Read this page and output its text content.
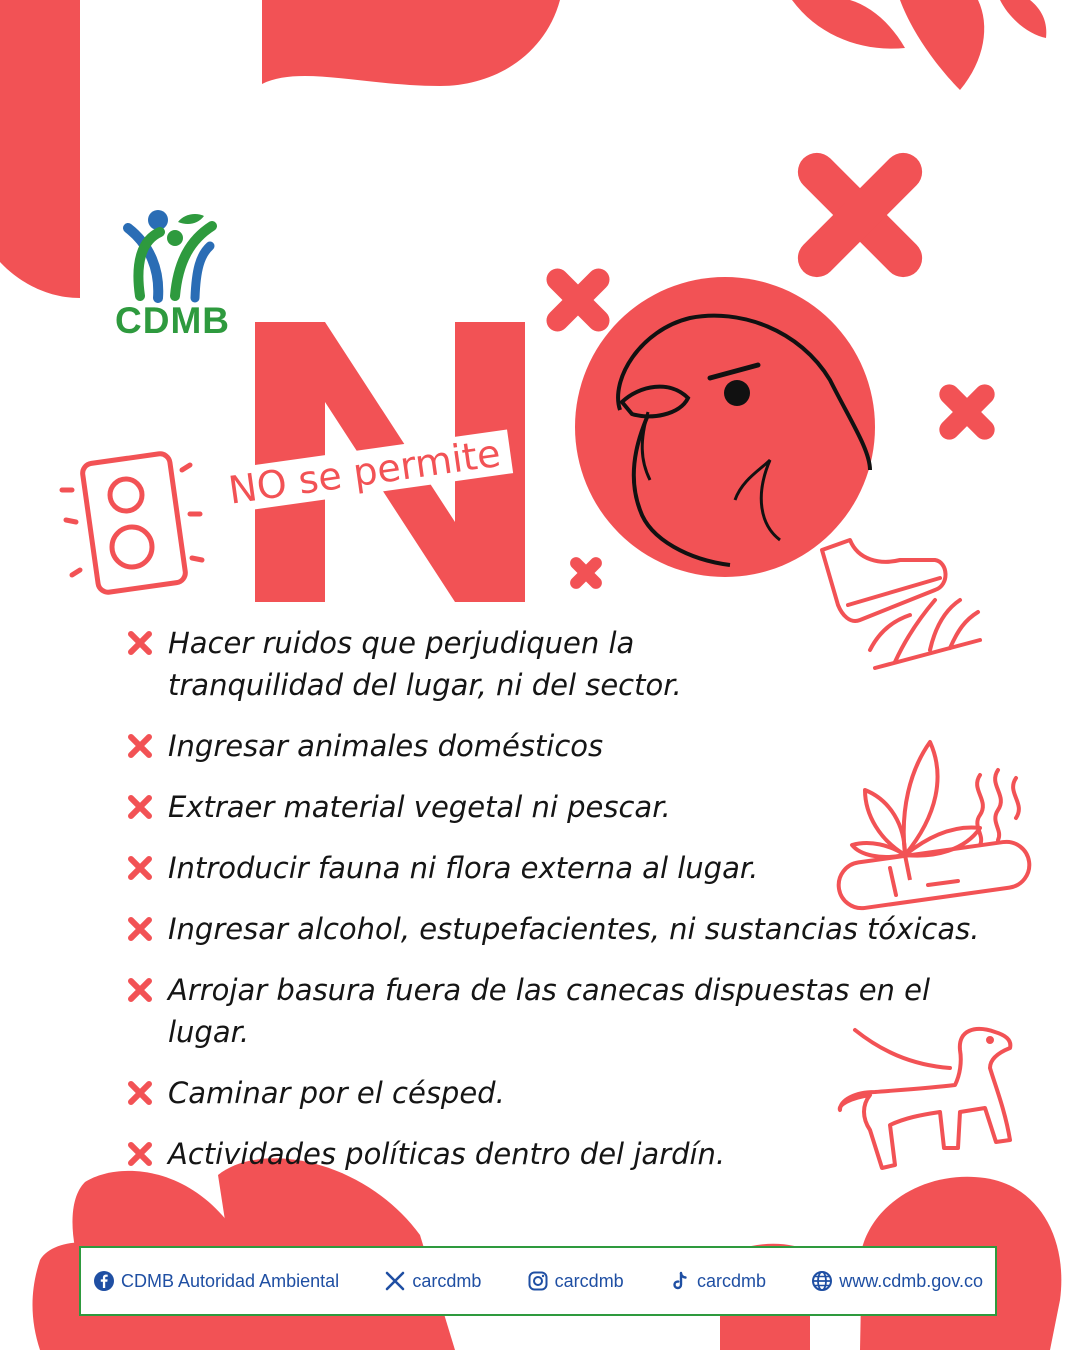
CDMB
NO se permite
Hacer ruidos que perjudiquen la tranquilidad del lugar, ni del sector.
Ingresar animales domésticos
Extraer material vegetal ni pescar.
Introducir fauna ni flora externa al lugar.
Ingresar alcohol, estupefacientes, ni sustancias tóxicas.
Arrojar basura fuera de las canecas dispuestas en el lugar.
Caminar por el césped.
Actividades políticas dentro del jardín.
CDMB Autoridad Ambiental	carcdmb	carcdmb	carcdmb	www.cdmb.gov.co
